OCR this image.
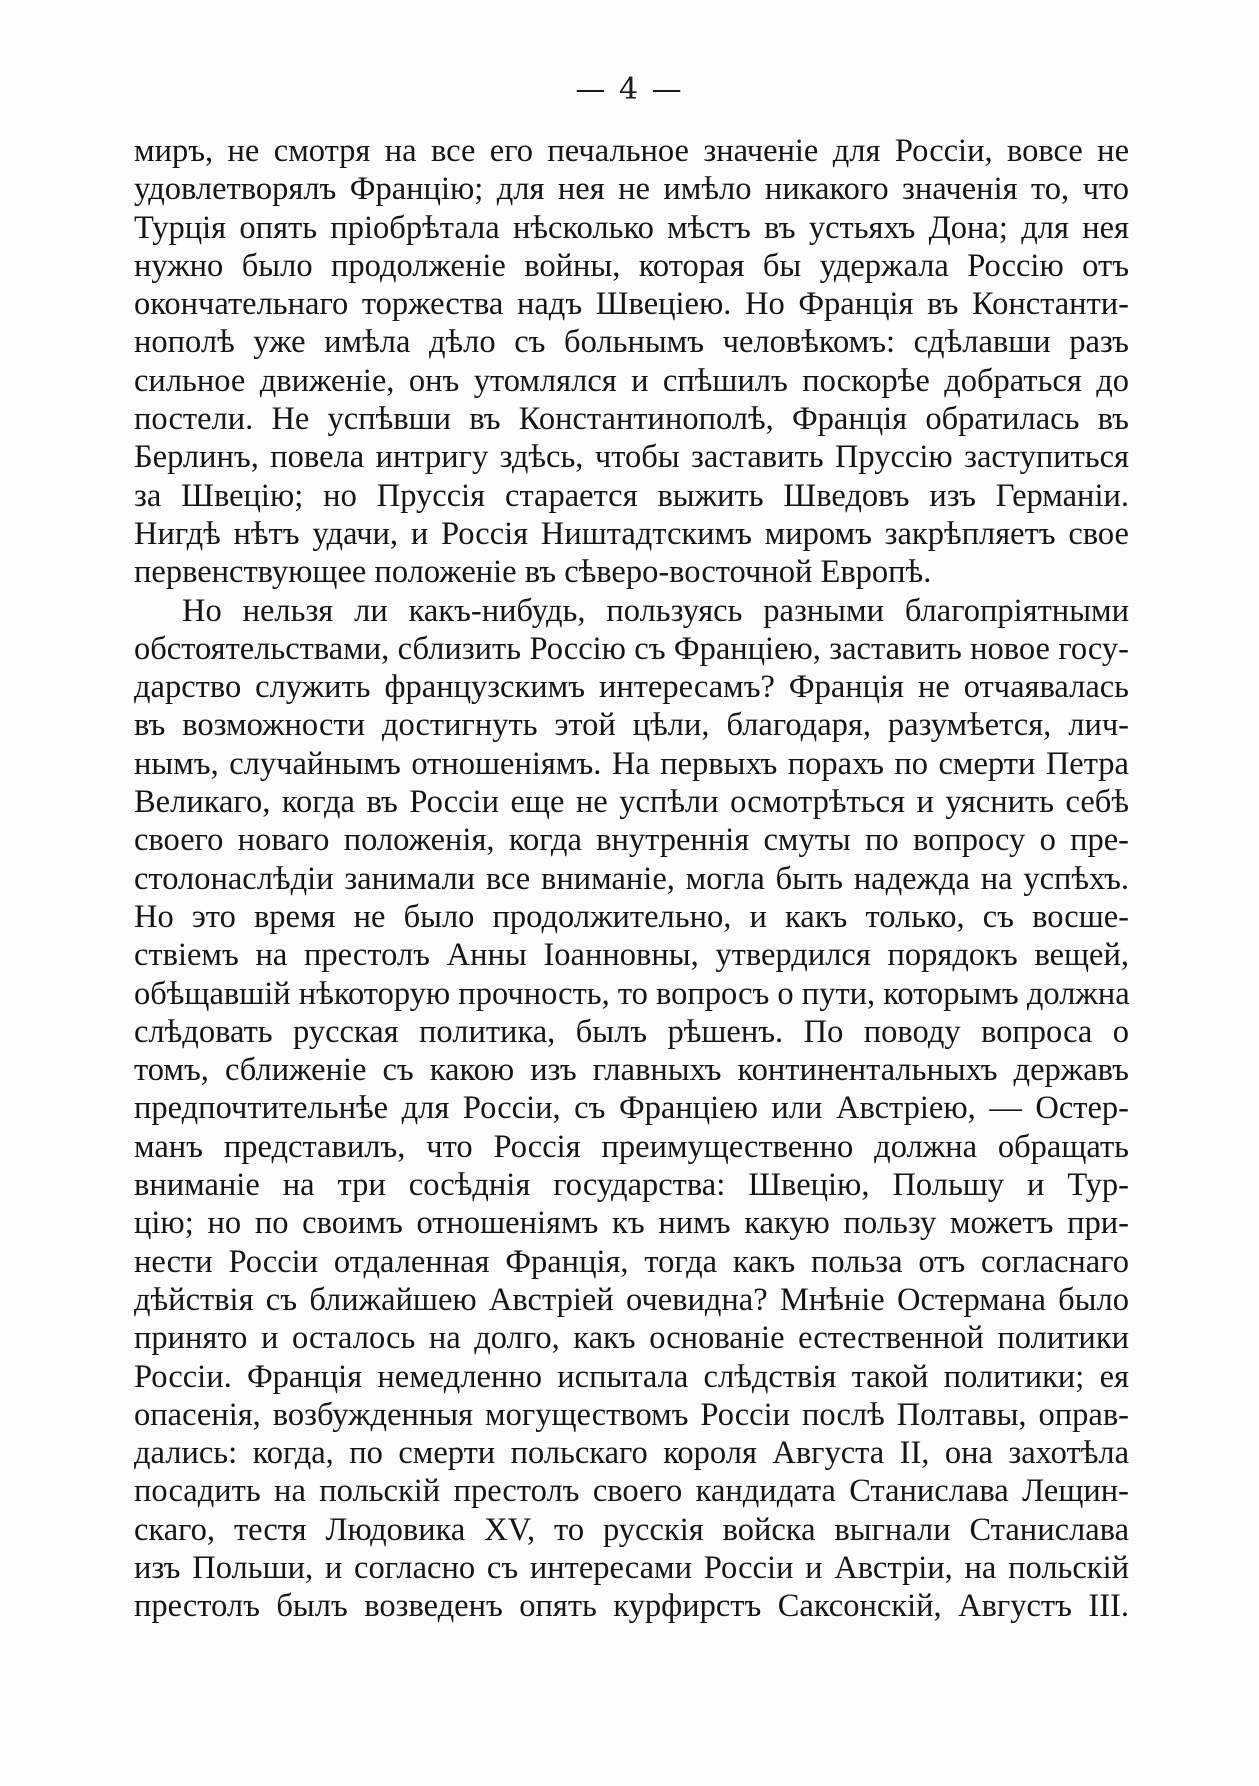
— 4 —
миръ, не смотря на все его печальное значеніе для Россіи, вовсе не
удовлетворялъ Францію; для нея не имѣло никакого значенія то, что
Турція опять пріобрѣтала нѣсколько мѣстъ въ устьяхъ Дона; для нея
нужно было продолженіе войны, которая бы удержала Россію отъ
окончательнаго торжества надъ Швеціею. Но Франція въ Константи-
нополѣ уже имѣла дѣло съ больнымъ человѣкомъ: сдѣлавши разъ
сильное движеніе, онъ утомлялся и спѣшилъ поскорѣе добраться до
постели. Не успѣвши въ Константинополѣ, Франція обратилась въ
Берлинъ, повела интригу здѣсь, чтобы заставить Пруссію заступиться
за Швецію; но Пруссія старается выжить Шведовъ изъ Германіи.
Нигдѣ нѣтъ удачи, и Россія Ништадтскимъ миромъ закрѣпляетъ свое
первенствующее положеніе въ сѣверо-восточной Европѣ.
Но нельзя ли какъ-нибудь, пользуясь разными благопріятными
обстоятельствами, сблизить Россію съ Франціею, заставить новое госу-
дарство служить французскимъ интересамъ? Франція не отчаявалась
въ возможности достигнуть этой цѣли, благодаря, разумѣется, лич-
нымъ, случайнымъ отношеніямъ. На первыхъ порахъ по смерти Петра
Великаго, когда въ Россіи еще не успѣли осмотрѣться и уяснить себѣ
своего новаго положенія, когда внутреннія смуты по вопросу о пре-
столонаслѣдіи занимали все вниманіе, могла быть надежда на успѣхъ.
Но это время не было продолжительно, и какъ только, съ восше-
ствіемъ на престолъ Анны Іоанновны, утвердился порядокъ вещей,
обѣщавшій нѣкоторую прочность, то вопросъ о пути, которымъ должна
слѣдовать русская политика, былъ рѣшенъ. По поводу вопроса о
томъ, сближеніе съ какою изъ главныхъ континентальныхъ державъ
предпочтительнѣе для Россіи, съ Франціею или Австріею, — Остер-
манъ представилъ, что Россія преимущественно должна обращать
вниманіе на три сосѣднія государства: Швецію, Польшу и Тур-
цію; но по своимъ отношеніямъ къ нимъ какую пользу можетъ при-
нести Россіи отдаленная Франція, тогда какъ польза отъ согласнаго
дѣйствія съ ближайшею Австріей очевидна? Мнѣніе Остермана было
принято и осталось на долго, какъ основаніе естественной политики
Россіи. Франція немедленно испытала слѣдствія такой политики; ея
опасенія, возбужденныя могуществомъ Россіи послѣ Полтавы, оправ-
дались: когда, по смерти польскаго короля Августа II, она захотѣла
посадить на польскій престолъ своего кандидата Станислава Лещин-
скаго, тестя Людовика XV, то русскія войска выгнали Станислава
изъ Польши, и согласно съ интересами Россіи и Австріи, на польскій
престолъ былъ возведенъ опять курфирстъ Саксонскій, Августъ III.
